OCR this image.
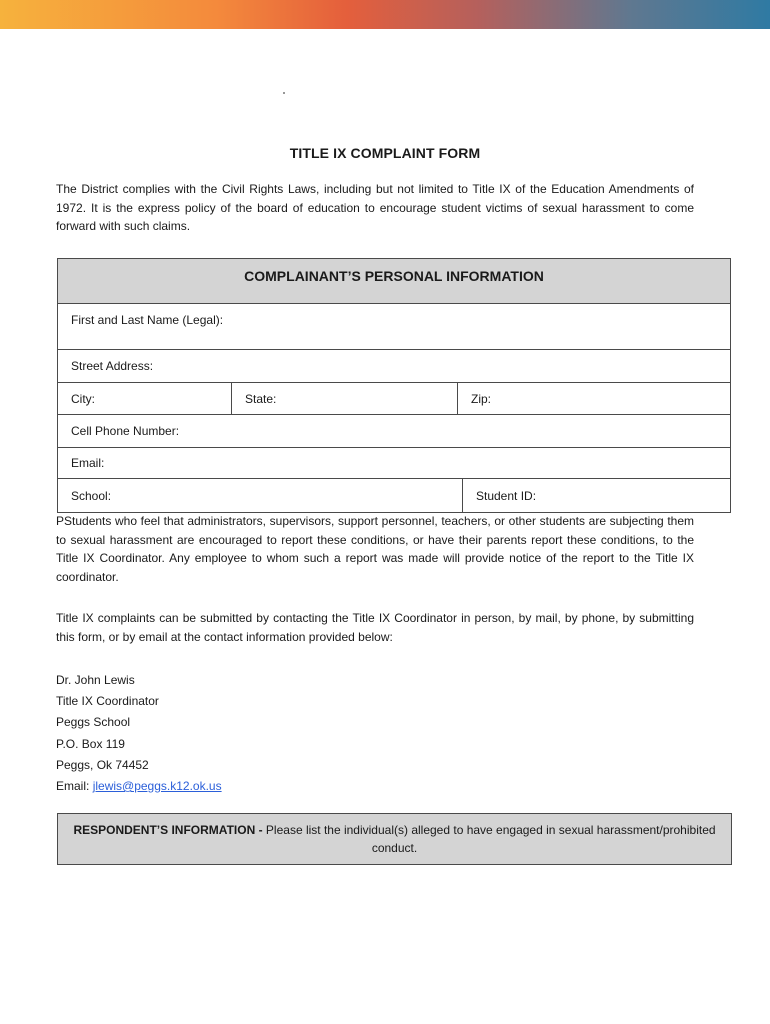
TITLE IX COMPLAINT FORM
The District complies with the Civil Rights Laws, including but not limited to Title IX of the Education Amendments of 1972. It is the express policy of the board of education to encourage student victims of sexual harassment to come forward with such claims.
COMPLAINANT’S PERSONAL INFORMATION
First and Last Name (Legal):
Street Address:
City:	State:	Zip:
Cell Phone Number:
Email:
School:	Student ID:
PStudents who feel that administrators, supervisors, support personnel, teachers, or other students are subjecting them to sexual harassment are encouraged to report these conditions, or have their parents report these conditions, to the Title IX Coordinator. Any employee to whom such a report was made will provide notice of the report to the Title IX coordinator.
Title IX complaints can be submitted by contacting the Title IX Coordinator in person, by mail, by phone, by submitting this form, or by email at the contact information provided below:
Dr. John Lewis
Title IX Coordinator
Peggs School
P.O. Box 119
Peggs, Ok 74452
Email: jlewis@peggs.k12.ok.us
RESPONDENT’S INFORMATION - Please list the individual(s) alleged to have engaged in sexual harassment/prohibited conduct.
